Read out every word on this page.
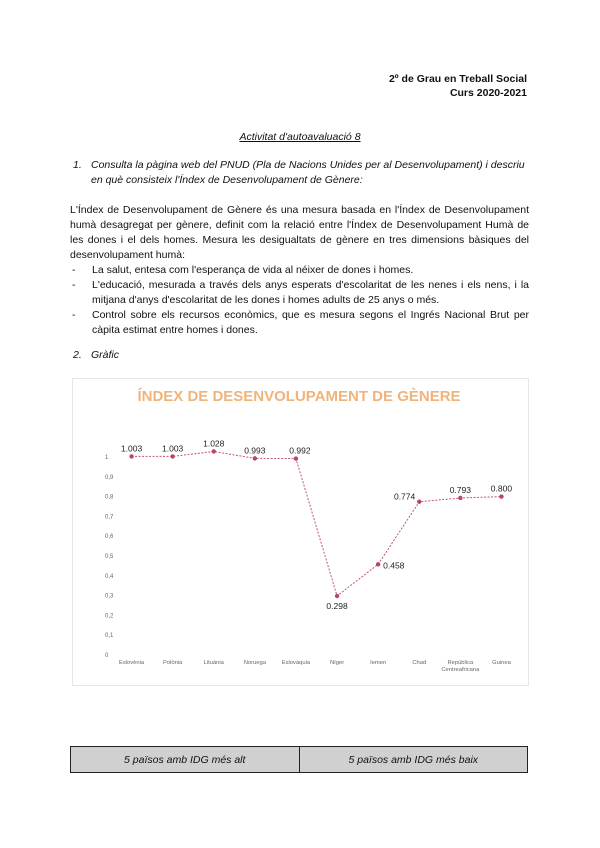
2º de Grau en Treball Social
Curs 2020-2021
Activitat d'autoavaluació 8
1. Consulta la pàgina web del PNUD (Pla de Nacions Unides per al Desenvolupament) i descriu en què consisteix l'Índex de Desenvolupament de Gènere:
L'Índex de Desenvolupament de Gènere és una mesura basada en l'Índex de Desenvolupament humà desagregat per gènere, definit com la relació entre l'Índex de Desenvolupament Humà de les dones i el dels homes. Mesura les desigualtats de gènere en tres dimensions bàsiques del desenvolupament humà:
- La salut, entesa com l'esperança de vida al néixer de dones i homes.
- L'educació, mesurada a través dels anys esperats d'escolaritat de les nenes i els nens, i la mitjana d'anys d'escolaritat de les dones i homes adults de 25 anys o més.
- Control sobre els recursos econòmics, que es mesura segons el Ingrés Nacional Brut per càpita estimat entre homes i dones.
2. Gràfic
ÍNDEX DE DESENVOLUPAMENT DE GÈNERE
0
0,1
0,2
0,3
0,4
0,5
0,6
0,7
0,8
0,9
1
1.003 1.003 1.028
0.993	0.992
0.298
0.458
0.774
0.793 0.800
Eslovènia	Polònia	Lituània	Noruega	Eslovàquia	Níger	Iemen	Chad	República
Centreafricana
Guinea
5 països amb IDG més alt	5 països amb IDG més baix
